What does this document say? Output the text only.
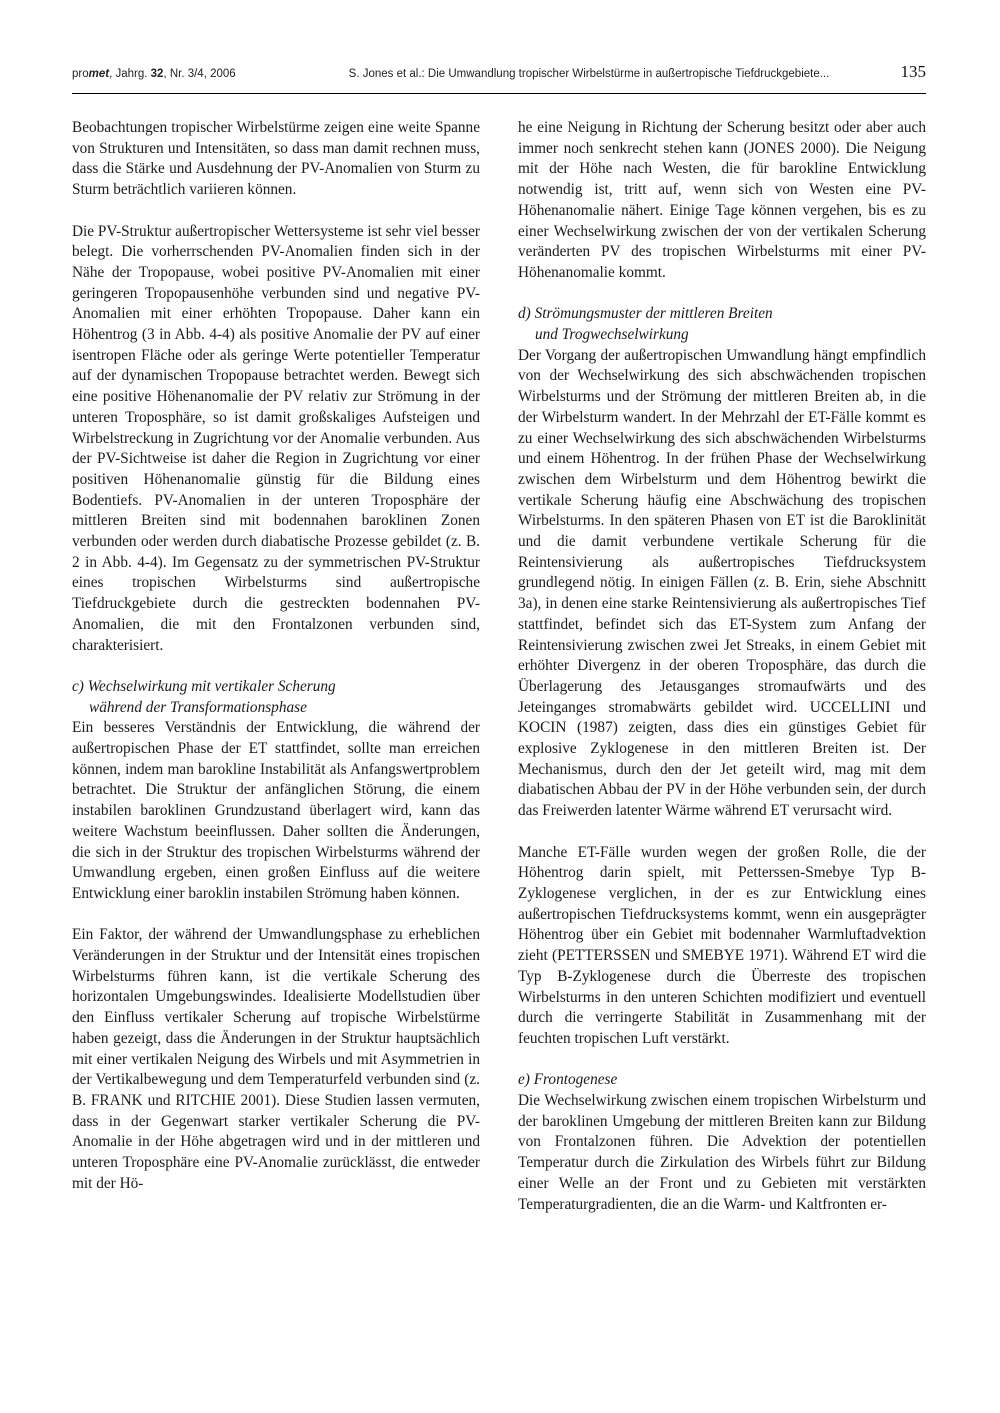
promet, Jahrg. 32, Nr. 3/4, 2006	S. Jones et al.: Die Umwandlung tropischer Wirbelstürme in außertropische Tiefdruckgebiete...	135

Beobachtungen tropischer Wirbelstürme zeigen eine weite Spanne von Strukturen und Intensitäten, so dass man damit rechnen muss, dass die Stärke und Ausdehnung der PV-Anomalien von Sturm zu Sturm beträchtlich variieren können.

Die PV-Struktur außertropischer Wettersysteme ist sehr viel besser belegt. Die vorherrschenden PV-Anomalien finden sich in der Nähe der Tropopause, wobei positive PV-Anomalien mit einer geringeren Tropopausenhöhe verbunden sind und negative PV-Anomalien mit einer erhöhten Tropopause. Daher kann ein Höhentrog (3 in Abb. 4-4) als positive Anomalie der PV auf einer isentropen Fläche oder als geringe Werte potentieller Temperatur auf der dynamischen Tropopause betrachtet werden. Bewegt sich eine positive Höhenanomalie der PV relativ zur Strömung in der unteren Troposphäre, so ist damit großskaliges Aufsteigen und Wirbelstreckung in Zugrichtung vor der Anomalie verbunden. Aus der PV-Sichtweise ist daher die Region in Zugrichtung vor einer positiven Höhenanomalie günstig für die Bildung eines Bodentiefs. PV-Anomalien in der unteren Troposphäre der mittleren Breiten sind mit bodennahen baroklinen Zonen verbunden oder werden durch diabatische Prozesse gebildet (z. B. 2 in Abb. 4-4). Im Gegensatz zu der symmetrischen PV-Struktur eines tropischen Wirbelsturms sind außertropische Tiefdruckgebiete durch die gestreckten bodennahen PV-Anomalien, die mit den Frontalzonen verbunden sind, charakterisiert.

c) Wechselwirkung mit vertikaler Scherung
während der Transformationsphase

Ein besseres Verständnis der Entwicklung, die während der außertropischen Phase der ET stattfindet, sollte man erreichen können, indem man barokline Instabilität als Anfangswertproblem betrachtet. Die Struktur der anfänglichen Störung, die einem instabilen baroklinen Grundzustand überlagert wird, kann das weitere Wachstum beeinflussen. Daher sollten die Änderungen, die sich in der Struktur des tropischen Wirbelsturms während der Umwandlung ergeben, einen großen Einfluss auf die weitere Entwicklung einer baroklin instabilen Strömung haben können.

Ein Faktor, der während der Umwandlungsphase zu erheblichen Veränderungen in der Struktur und der Intensität eines tropischen Wirbelsturms führen kann, ist die vertikale Scherung des horizontalen Umgebungswindes. Idealisierte Modellstudien über den Einfluss vertikaler Scherung auf tropische Wirbelstürme haben gezeigt, dass die Änderungen in der Struktur hauptsächlich mit einer vertikalen Neigung des Wirbels und mit Asymmetrien in der Vertikalbewegung und dem Temperaturfeld verbunden sind (z. B. FRANK und RITCHIE 2001). Diese Studien lassen vermuten, dass in der Gegenwart starker vertikaler Scherung die PV-Anomalie in der Höhe abgetragen wird und in der mittleren und unteren Troposphäre eine PV-Anomalie zurücklässt, die entweder mit der Hö-

he eine Neigung in Richtung der Scherung besitzt oder aber auch immer noch senkrecht stehen kann (JONES 2000). Die Neigung mit der Höhe nach Westen, die für barokline Entwicklung notwendig ist, tritt auf, wenn sich von Westen eine PV-Höhenanomalie nähert. Einige Tage können vergehen, bis es zu einer Wechselwirkung zwischen der von der vertikalen Scherung veränderten PV des tropischen Wirbelsturms mit einer PV-Höhenanomalie kommt.

d) Strömungsmuster der mittleren Breiten
und Trogwechselwirkung

Der Vorgang der außertropischen Umwandlung hängt empfindlich von der Wechselwirkung des sich abschwächenden tropischen Wirbelsturms und der Strömung der mittleren Breiten ab, in die der Wirbelsturm wandert. In der Mehrzahl der ET-Fälle kommt es zu einer Wechselwirkung des sich abschwächenden Wirbelsturms und einem Höhentrog. In der frühen Phase der Wechselwirkung zwischen dem Wirbelsturm und dem Höhentrog bewirkt die vertikale Scherung häufig eine Abschwächung des tropischen Wirbelsturms. In den späteren Phasen von ET ist die Baroklinität und die damit verbundene vertikale Scherung für die Reintensivierung als außertropisches Tiefdrucksystem grundlegend nötig. In einigen Fällen (z. B. Erin, siehe Abschnitt 3a), in denen eine starke Reintensivierung als außertropisches Tief stattfindet, befindet sich das ET-System zum Anfang der Reintensivierung zwischen zwei Jet Streaks, in einem Gebiet mit erhöhter Divergenz in der oberen Troposphäre, das durch die Überlagerung des Jetausganges stromaufwärts und des Jeteinganges stromabwärts gebildet wird. UCCELLINI und KOCIN (1987) zeigten, dass dies ein günstiges Gebiet für explosive Zyklogenese in den mittleren Breiten ist. Der Mechanismus, durch den der Jet geteilt wird, mag mit dem diabatischen Abbau der PV in der Höhe verbunden sein, der durch das Freiwerden latenter Wärme während ET verursacht wird.

Manche ET-Fälle wurden wegen der großen Rolle, die der Höhentrog darin spielt, mit Petterssen-Smebye Typ B-Zyklogenese verglichen, in der es zur Entwicklung eines außertropischen Tiefdrucksystems kommt, wenn ein ausgeprägter Höhentrog über ein Gebiet mit bodennaher Warmluftadvektion zieht (PETTERSSEN und SMEBYE 1971). Während ET wird die Typ B-Zyklogenese durch die Überreste des tropischen Wirbelsturms in den unteren Schichten modifiziert und eventuell durch die verringerte Stabilität in Zusammenhang mit der feuchten tropischen Luft verstärkt.

e) Frontogenese

Die Wechselwirkung zwischen einem tropischen Wirbelsturm und der baroklinen Umgebung der mittleren Breiten kann zur Bildung von Frontalzonen führen. Die Advektion der potentiellen Temperatur durch die Zirkulation des Wirbels führt zur Bildung einer Welle an der Front und zu Gebieten mit verstärkten Temperaturgradienten, die an die Warm- und Kaltfronten er-
